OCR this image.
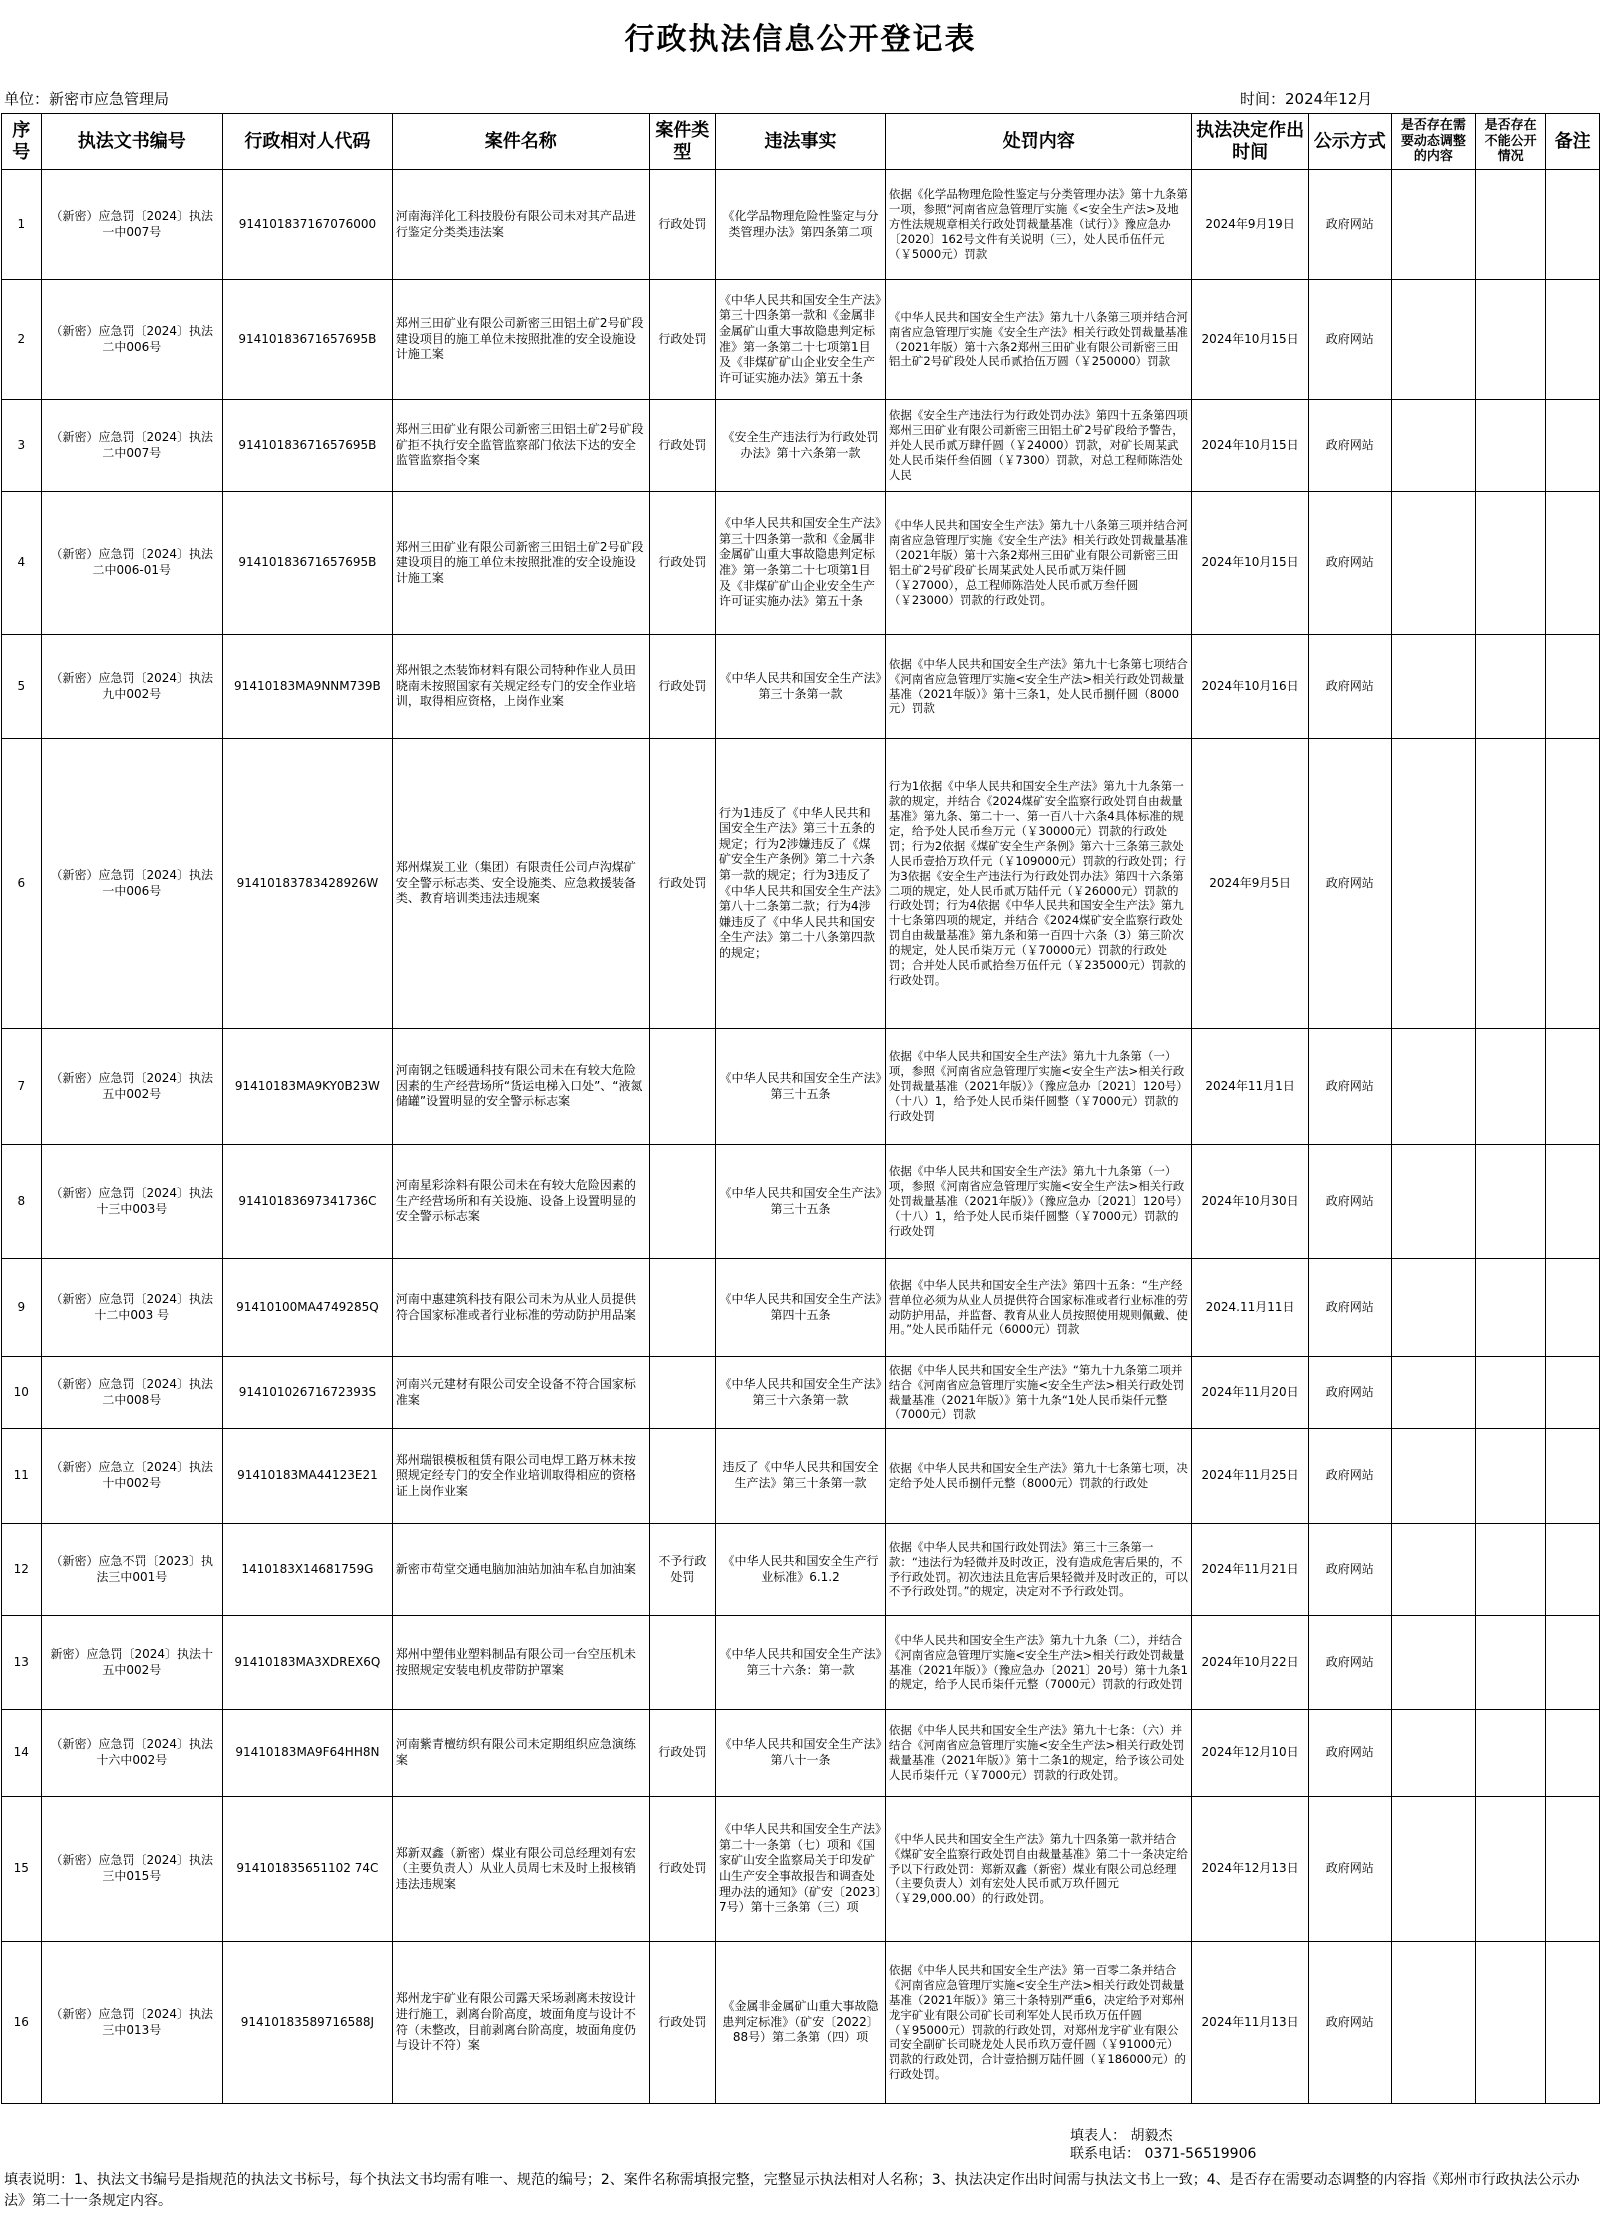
行政执法信息公开登记表
单位：新密市应急管理局	时间：2024年12月
序号	执法文书编号	行政相对人代码	案件名称	案件类型	违法事实	处罚内容	执法决定作出时间	公示方式	是否存在需要动态调整的内容	是否存在不能公开情况	备注
1	（新密）应急罚〔2024〕执法一中007号	914101837167076000	河南海洋化工科技股份有限公司未对其产品进行鉴定分类类违法案	行政处罚	《化学品物理危险性鉴定与分类管理办法》第四条第二项	依据《化学品物理危险性鉴定与分类管理办法》第十九条第一项，参照“河南省应急管理厅实施《<安全生产法>及地方性法规规章相关行政处罚裁量基准（试行）》豫应急办〔2020〕162号文件有关说明（三），处人民币伍仟元（￥5000元）罚款	2024年9月19日	政府网站			
2	（新密）应急罚〔2024〕执法二中006号	91410183671657695B	郑州三田矿业有限公司新密三田铝土矿2号矿段建设项目的施工单位未按照批准的安全设施设计施工案	行政处罚	《中华人民共和国安全生产法》第三十四条第一款和《金属非金属矿山重大事故隐患判定标准》第一条第二十七项第1目及《非煤矿矿山企业安全生产许可证实施办法》第五十条	《中华人民共和国安全生产法》第九十八条第三项并结合河南省应急管理厅实施《安全生产法》相关行政处罚裁量基准（2021年版）第十六条2郑州三田矿业有限公司新密三田铝土矿2号矿段处人民币贰拾伍万圆（￥250000）罚款	2024年10月15日	政府网站			
3	（新密）应急罚〔2024〕执法二中007号	91410183671657695B	郑州三田矿业有限公司新密三田铝土矿2号矿段矿拒不执行安全监管监察部门依法下达的安全监管监察指令案	行政处罚	《安全生产违法行为行政处罚办法》第十六条第一款	依据《安全生产违法行为行政处罚办法》第四十五条第四项郑州三田矿业有限公司新密三田铝土矿2号矿段给予警告，并处人民币贰万肆仟圆（￥24000）罚款，对矿长周某武处人民币柒仟叁佰圆（￥7300）罚款，对总工程师陈浩处人民	2024年10月15日	政府网站			
4	（新密）应急罚〔2024〕执法二中006-01号	91410183671657695B	郑州三田矿业有限公司新密三田铝土矿2号矿段建设项目的施工单位未按照批准的安全设施设计施工案	行政处罚	《中华人民共和国安全生产法》第三十四条第一款和《金属非金属矿山重大事故隐患判定标准》第一条第二十七项第1目及《非煤矿矿山企业安全生产许可证实施办法》第五十条	《中华人民共和国安全生产法》第九十八条第三项并结合河南省应急管理厅实施《安全生产法》相关行政处罚裁量基准（2021年版）第十六条2郑州三田矿业有限公司新密三田铝土矿2号矿段矿长周某武处人民币贰万柒仟圆（￥27000），总工程师陈浩处人民币贰万叁仟圆（￥23000）罚款的行政处罚。	2024年10月15日	政府网站			
5	（新密）应急罚〔2024〕执法九中002号	91410183MA9NNM739B	郑州银之杰装饰材料有限公司特种作业人员田晓南未按照国家有关规定经专门的安全作业培训，取得相应资格，上岗作业案	行政处罚	《中华人民共和国安全生产法》第三十条第一款	依据《中华人民共和国安全生产法》第九十七条第七项结合《河南省应急管理厅实施<安全生产法>相关行政处罚裁量基准（2021年版）》第十三条1，处人民币捌仟圆（8000元）罚款	2024年10月16日	政府网站			
6	（新密）应急罚〔2024〕执法一中006号	91410183783428926W	郑州煤炭工业（集团）有限责任公司卢沟煤矿安全警示标志类、安全设施类、应急救援装备类、教育培训类违法违规案	行政处罚	行为1违反了《中华人民共和国安全生产法》第三十五条的规定；行为2涉嫌违反了《煤矿安全生产条例》第二十六条第一款的规定；行为3违反了《中华人民共和国安全生产法》第八十二条第二款；行为4涉嫌违反了《中华人民共和国安全生产法》第二十八条第四款的规定；	行为1依据《中华人民共和国安全生产法》第九十九条第一款的规定，并结合《2024煤矿安全监察行政处罚自由裁量基准》第九条、第二十一、第一百八十六条4具体标准的规定，给予处人民币叁万元（￥30000元）罚款的行政处罚；行为2依据《煤矿安全生产条例》第六十三条第三款处人民币壹拾万玖仟元（￥109000元）罚款的行政处罚；行为3依据《安全生产违法行为行政处罚办法》第四十六条第二项的规定，处人民币贰万陆仟元（￥26000元）罚款的行政处罚；行为4依据《中华人民共和国安全生产法》第九十七条第四项的规定，并结合《2024煤矿安全监察行政处罚自由裁量基准》第九条和第一百四十六条（3）第三阶次的规定，处人民币柒万元（￥70000元）罚款的行政处罚；合并处人民币贰拾叁万伍仟元（￥235000元）罚款的行政处罚。	2024年9月5日	政府网站			
7	（新密）应急罚〔2024〕执法五中002号	91410183MA9KY0B23W	河南钢之钰暖通科技有限公司未在有较大危险因素的生产经营场所“货运电梯入口处”、“液氮储罐”设置明显的安全警示标志案		《中华人民共和国安全生产法》第三十五条	依据《中华人民共和国安全生产法》第九十九条第（一）项，参照《河南省应急管理厅实施<安全生产法>相关行政处罚裁量基准（2021年版）》（豫应急办〔2021〕120号）（十八）1，给予处人民币柒仟圆整（￥7000元）罚款的行政处罚	2024年11月1日	政府网站			
8	（新密）应急罚〔2024〕执法十三中003号	91410183697341736C	河南星彩涂料有限公司未在有较大危险因素的生产经营场所和有关设施、设备上设置明显的安全警示标志案		《中华人民共和国安全生产法》第三十五条	依据《中华人民共和国安全生产法》第九十九条第（一）项，参照《河南省应急管理厅实施<安全生产法>相关行政处罚裁量基准（2021年版）》（豫应急办〔2021〕120号）（十八）1，给予处人民币柒仟圆整（￥7000元）罚款的行政处罚	2024年10月30日	政府网站			
9	（新密）应急罚〔2024〕执法十二中003 号	91410100MA4749285Q	河南中惠建筑科技有限公司未为从业人员提供符合国家标准或者行业标准的劳动防护用品案		《中华人民共和国安全生产法》第四十五条	依据《中华人民共和国安全生产法》第四十五条：“生产经营单位必须为从业人员提供符合国家标准或者行业标准的劳动防护用品，并监督、教育从业人员按照使用规则佩戴、使用。”处人民币陆仟元（6000元）罚款	2024.11月11日	政府网站			
10	（新密）应急罚〔2024〕执法二中008号	91410102671672393S	河南兴元建材有限公司安全设备不符合国家标准案		《中华人民共和国安全生产法》第三十六条第一款	依据《中华人民共和国安全生产法》“第九十九条第二项并结合《河南省应急管理厅实施<安全生产法>相关行政处罚裁量基准（2021年版）》第十九条“1处人民币柒仟元整（7000元）罚款	2024年11月20日	政府网站			
11	（新密）应急立〔2024〕执法十中002号	91410183MA44123E21	郑州瑞银模板租赁有限公司电焊工路万林未按照规定经专门的安全作业培训取得相应的资格证上岗作业案		违反了《中华人民共和国安全生产法》第三十条第一款	依据《中华人民共和国安全生产法》第九十七条第七项，决定给予处人民币捌仟元整（8000元）罚款的行政处	2024年11月25日	政府网站			
12	（新密）应急不罚〔2023〕执法三中001号	1410183X14681759G	新密市苟堂交通电脑加油站加油车私自加油案	不予行政处罚	《中华人民共和国安全生产行业标准》6.1.2	依据《中华人民共和国行政处罚法》第三十三条第一款：“违法行为轻微并及时改正，没有造成危害后果的，不予行政处罚。初次违法且危害后果轻微并及时改正的，可以不予行政处罚。”的规定，决定对不予行政处罚。	2024年11月21日	政府网站			
13	新密）应急罚〔2024〕执法十五中002号	91410183MA3XDREX6Q	郑州中塑伟业塑料制品有限公司一台空压机未按照规定安装电机皮带防护罩案		《中华人民共和国安全生产法》第三十六条：第一款	《中华人民共和国安全生产法》第九十九条（二），并结合《河南省应急管理厅实施<安全生产法>相关行政处罚裁量基准（2021年版）》（豫应急办〔2021〕20号）第十九条1的规定，给予人民币柒仟元整（7000元）罚款的行政处罚	2024年10月22日	政府网站			
14	（新密）应急罚〔2024〕执法十六中002号	91410183MA9F64HH8N	河南紫青檀纺织有限公司未定期组织应急演练案	行政处罚	《中华人民共和国安全生产法》第八十一条	依据《中华人民共和国安全生产法》第九十七条：（六）并结合《河南省应急管理厅实施<安全生产法>相关行政处罚裁量基准（2021年版）》第十二条1的规定，给予该公司处人民币柒仟元（￥7000元）罚款的行政处罚。	2024年12月10日	政府网站			
15	（新密）应急罚〔2024〕执法三中015号	914101835651102 74C	郑新双鑫（新密）煤业有限公司总经理刘有宏（主要负责人）从业人员周七未及时上报核销违法违规案	行政处罚	《中华人民共和国安全生产法》第二十一条第（七）项和《国家矿山安全监察局关于印发矿山生产安全事故报告和调查处理办法的通知》（矿安〔2023〕7号）第十三条第（三）项	《中华人民共和国安全生产法》第九十四条第一款并结合《煤矿安全监察行政处罚自由裁量基准》第二十一条决定给予以下行政处罚：郑新双鑫（新密）煤业有限公司总经理（主要负责人）刘有宏处人民币贰万玖仟圆元（￥29,000.00）的行政处罚。	2024年12月13日	政府网站			
16	（新密）应急罚〔2024〕执法三中013号	91410183589716588J	郑州龙宇矿业有限公司露天采场剥离未按设计进行施工，剥离台阶高度，坡面角度与设计不符（未整改，目前剥离台阶高度，坡面角度仍与设计不符）案	行政处罚	《金属非金属矿山重大事故隐患判定标准》（矿安〔2022〕88号）第二条第（四）项	依据《中华人民共和国安全生产法》第一百零二条并结合《河南省应急管理厅实施<安全生产法>相关行政处罚裁量基准（2021年版）》第三十条特别严重6，决定给予对郑州龙宇矿业有限公司矿长司利军处人民币玖万伍仟圆（￥95000元）罚款的行政处罚，对郑州龙宇矿业有限公司安全副矿长司晓龙处人民币玖万壹仟圆（￥91000元）罚款的行政处罚，合计壹拾捌万陆仟圆（￥186000元）的行政处罚。	2024年11月13日	政府网站			
填表人： 胡毅杰
联系电话： 0371-56519906
填表说明：1、执法文书编号是指规范的执法文书标号，每个执法文书均需有唯一、规范的编号；2、案件名称需填报完整，完整显示执法相对人名称；3、执法决定作出时间需与执法文书上一致；4、是否存在需要动态调整的内容指《郑州市行政执法公示办法》第二十一条规定内容。
